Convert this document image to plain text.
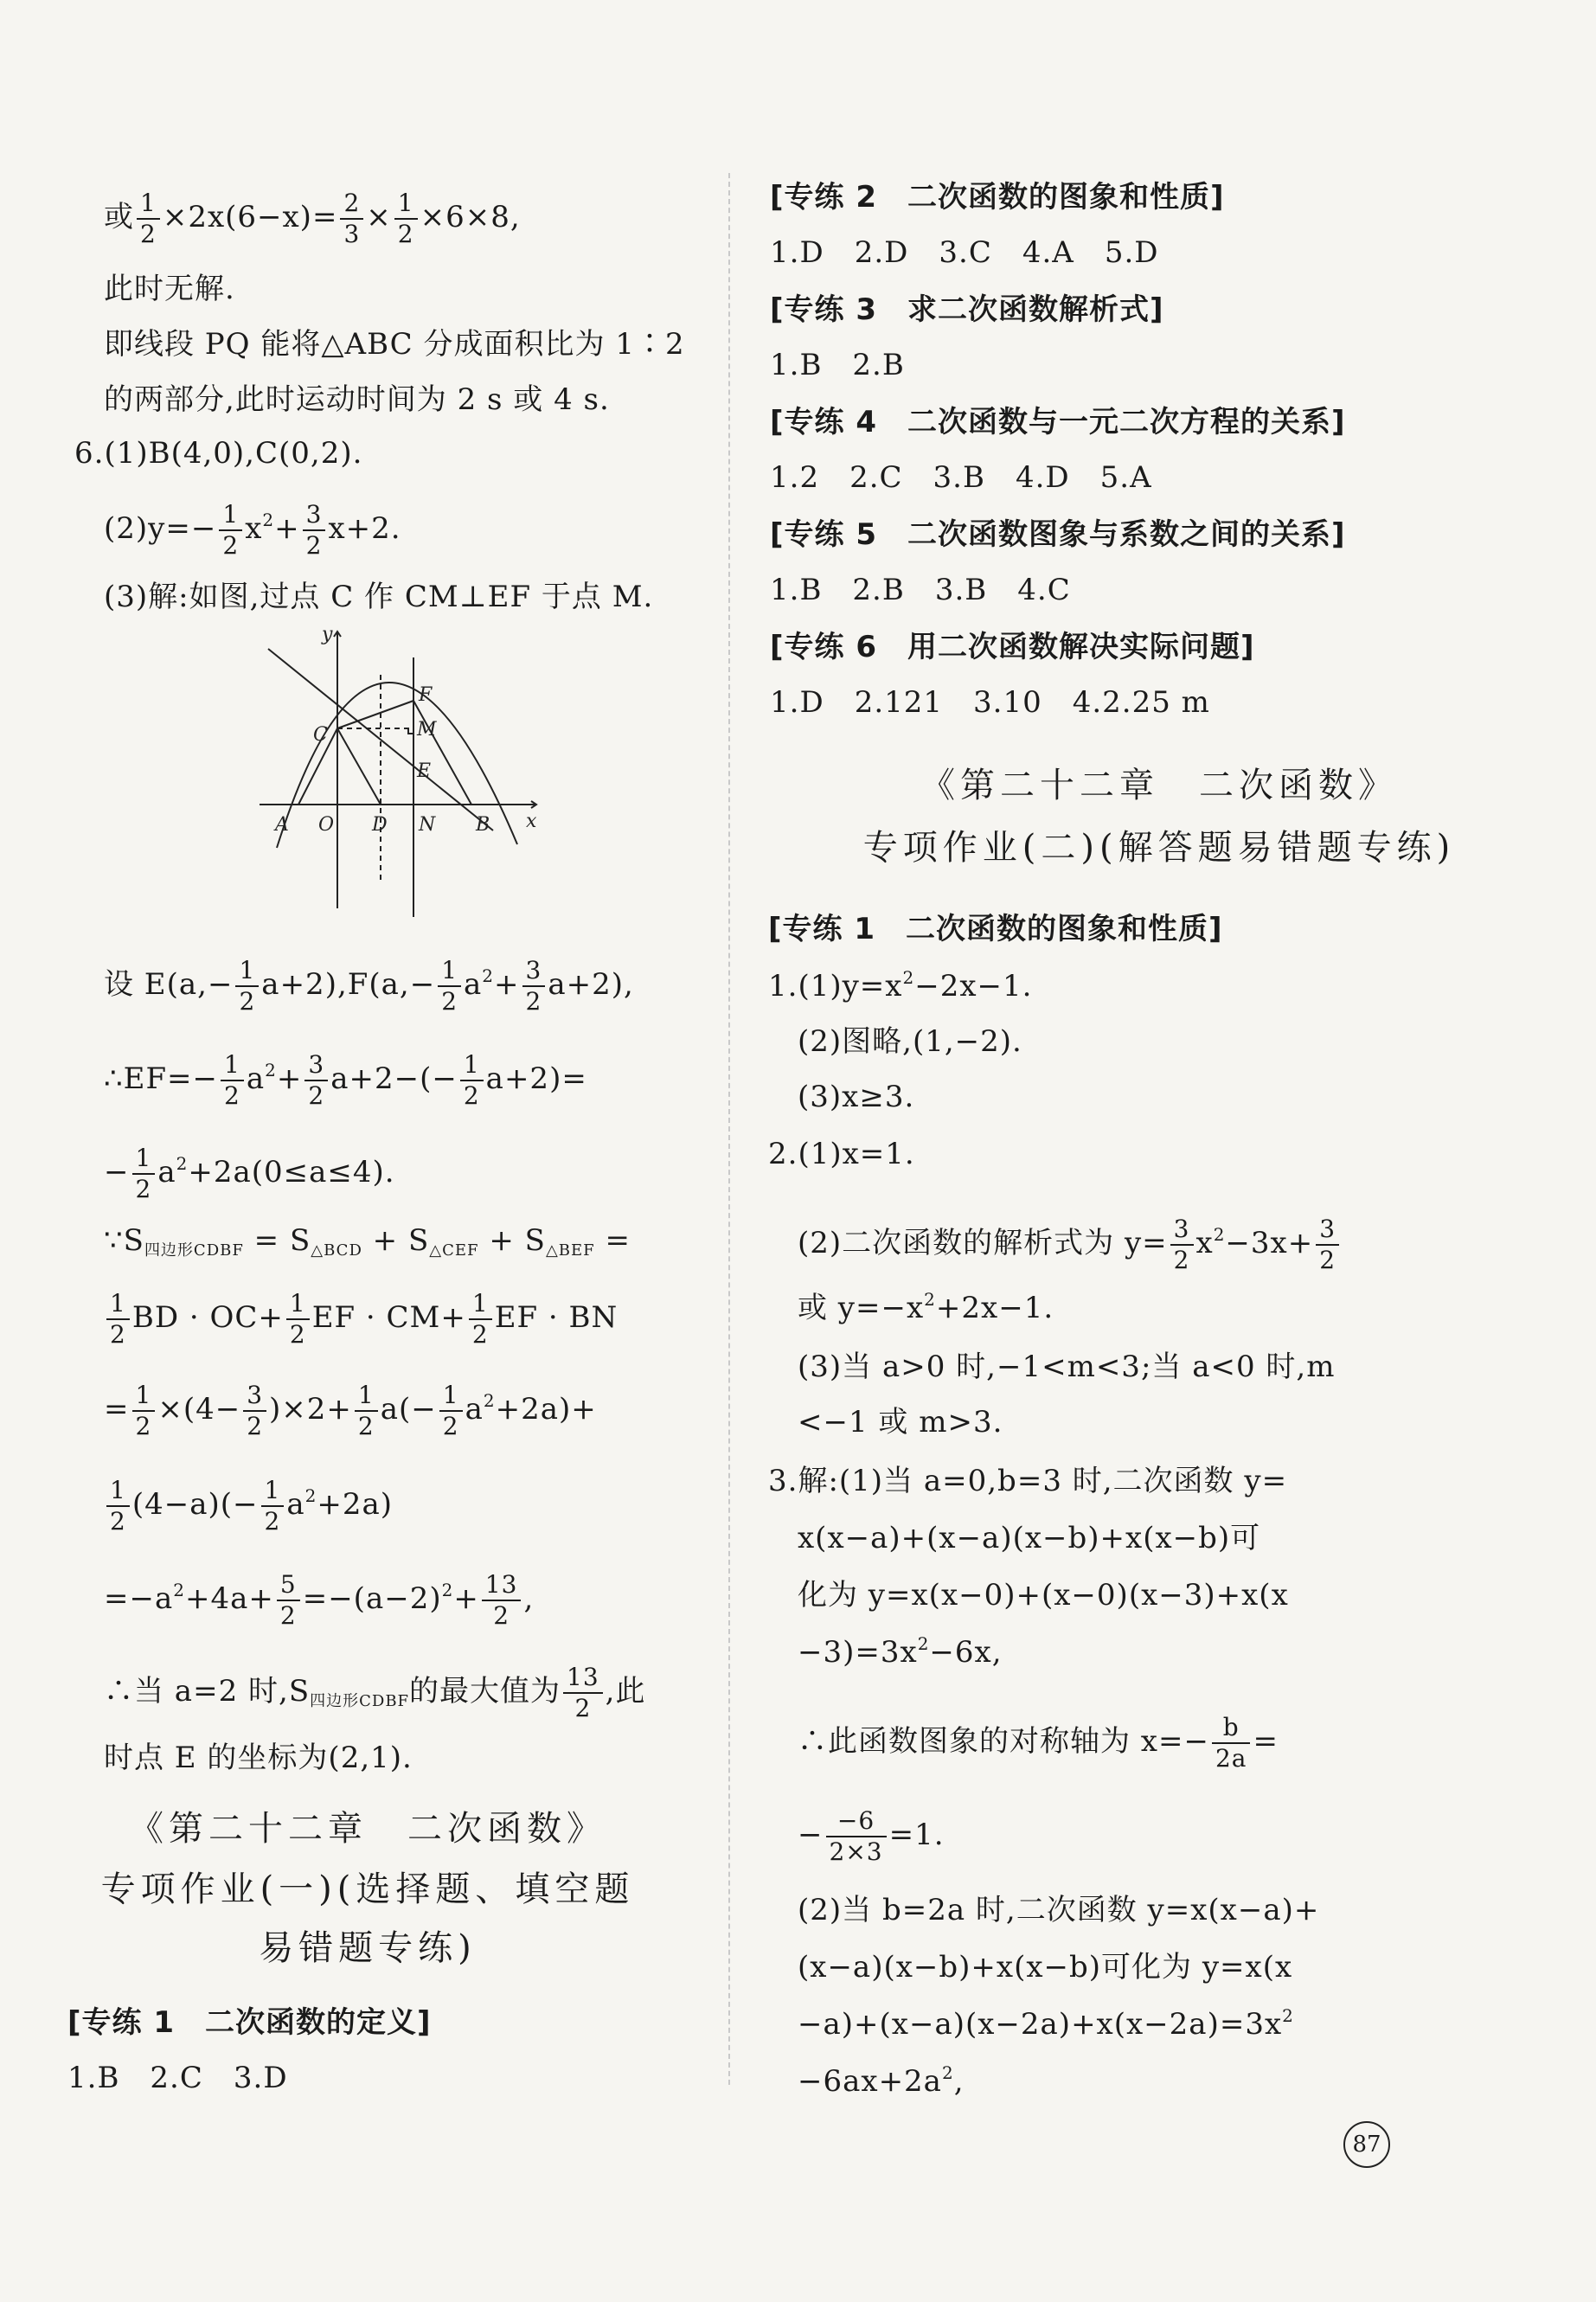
或 $\frac{1}{2} \times 2x(6-x)= \frac{2}{3} \times \frac{1}{2} \times 6\times 8$,
此时无解.
即线段 PQ 能将△ABC 分成面积比为 1∶2
的两部分,此时运动时间为 2 s 或 4 s.
6.(1)B(4,0),C(0,2).
$(2)y=- \frac{1}{2} x^2+ \frac{3}{2} x+2$.
(3)解:如图,过点 C 作 CM⊥EF 于点 M.
y
x
C
F
M
E
A O D N B
设 $E(a,- \frac{1}{2} a+2),F(a,- \frac{1}{2} a^2+ \frac{3}{2} a+2)$,
∴EF=− $\frac{1}{2} a^2+ \frac{3}{2} a+2-(- \frac{1}{2} a+2)=$
− $\frac{1}{2} a^2+2a(0\le a\le 4)$.
$\because S_{四边形CDBF} = S_{\triangle BCD} + S_{\triangle CEF} + S_{\triangle BEF}$ =
$\frac{1}{2}$ BD · $OC+ \frac{1}{2}$ EF · $CM+ \frac{1}{2}$ EF · BN
= $\frac{1}{2} \times(4- \frac{3}{2} )\times 2+ \frac{1}{2} a(- \frac{1}{2} a^2+2a)+$
$\frac{1}{2} (4-a)(- \frac{1}{2} a^2+2a)$
$=-a^2+4a+ \frac{5}{2} =-(a-2)^2+ \frac{13}{2}$ ,
∴当 a=2 时$,S_{四边形CDBF}$的最大值为 $\frac{13}{2}$ ,此
时点 E 的坐标为(2,1).
《第二十二章　二次函数》
专项作业(一)(选择题、填空题
易错题专练)
[专练 1　二次函数的定义]
1.B　2.C　3.D
[专练 2　二次函数的图象和性质]
1.D　2.D　3.C　4.A　5.D
[专练 3　求二次函数解析式]
1.B　2.B
[专练 4　二次函数与一元二次方程的关系]
1.2　2.C　3.B　4.D　5.A
[专练 5　二次函数图象与系数之间的关系]
1.B　2.B　3.B　4.C
[专练 6　用二次函数解决实际问题]
1.D　2.121　3.10　4.2.25 m
《第二十二章　二次函数》
专项作业(二)(解答题易错题专练)
[专练 1　二次函数的图象和性质]
$1.(1)y=x^2-2x-1$.
(2)图略,(1,−2).
(3)x≥3.
2.(1)x=1.
(2)二次函数的解析式为 $y= \frac{3}{2} x^2-3x+ \frac{3}{2}$
或 $y=-x^2+2x-1$.
(3)当 a>0 时,−1<m<3;当 a<0 时,m
<−1 或 m>3.
3.解:(1)当 a=0,b=3 时,二次函数 y=
x(x−a)+(x−a)(x−b)+x(x−b)可
化为 y=x(x−0)+(x−0)(x−3)+x(x
$-3)=3x^2-6x$,
∴此函数图象的对称轴为 $x=- \frac{b}{2a}$ =
− $\frac{-6}{2\times 3} =1$.
(2)当 b=2a 时,二次函数 y=x(x−a)+
(x−a)(x−b)+x(x−b)可化为 y=x(x
$-a)+(x-a)(x-2a)+x(x-2a)=3x^2$
$-6ax+2a^2$,
87
